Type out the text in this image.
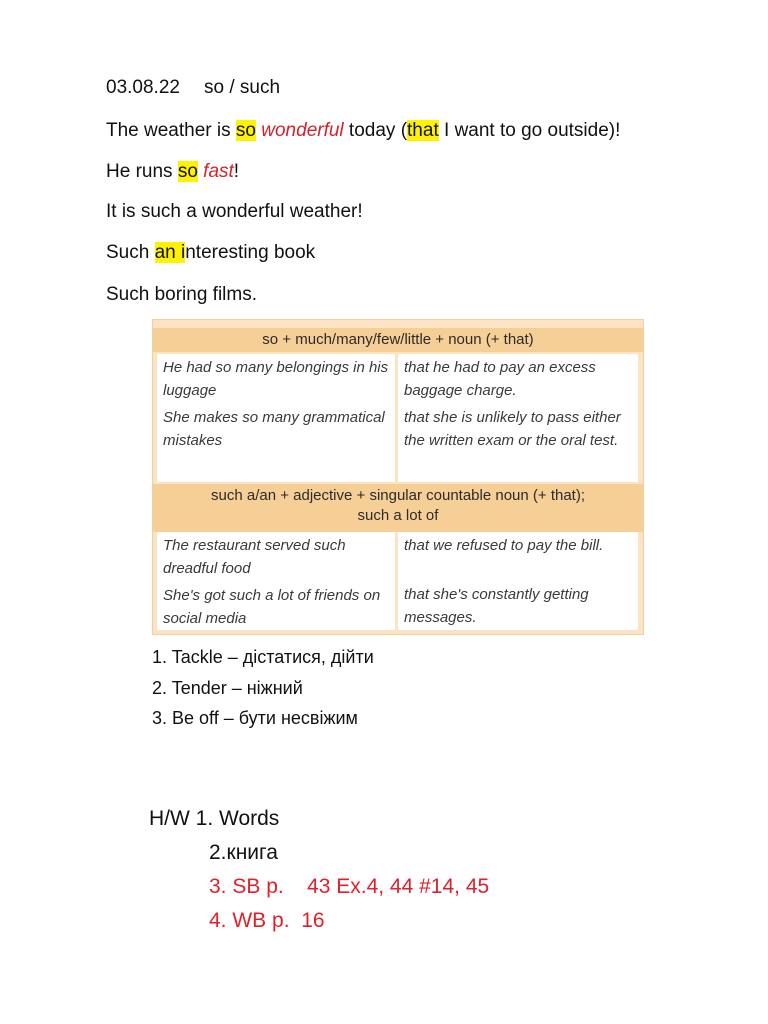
03.08.22 so / such
The weather is so wonderful today (that I want to go outside)!
He runs so fast!
It is such a wonderful weather!
Such an interesting book
Such boring films.
so + much/many/few/little + noun (+ that)
He had so many belongings in his luggage
She makes so many grammatical mistakes
that he had to pay an excess baggage charge.
that she is unlikely to pass either the written exam or the oral test.
such a/an + adjective + singular countable noun (+ that);
such a lot of
The restaurant served such dreadful food
She's got such a lot of friends on social media
that we refused to pay the bill.
that she's constantly getting messages.
1. Tackle – дістатися, дійти
2. Tender – ніжний
3. Be off – бути несвіжим
H/W 1. Words
2.книга
3. SB p.    43 Ex.4, 44 #14, 45
4. WB p.  16
